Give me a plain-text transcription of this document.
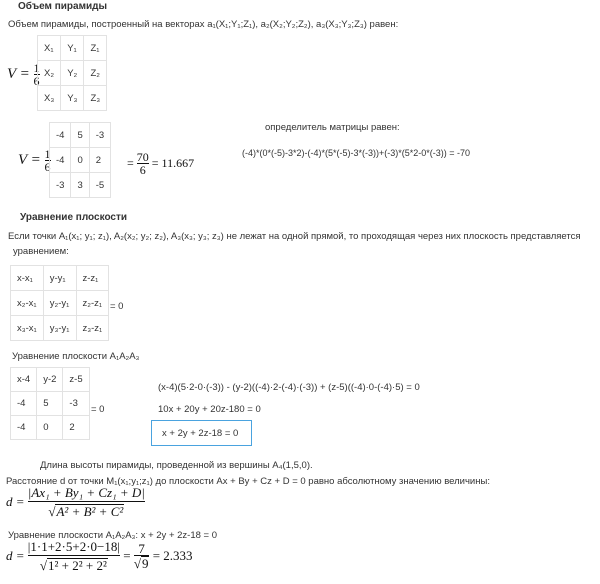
Объем пирамиды
Объем пирамиды, построенный на векторах a₁(X₁;Y₁;Z₁), a₂(X₂;Y₂;Z₂), a₃(X₃;Y₃;Z₃) равен:
$V = \frac{1}{6}$
X₁	Y₁	Z₁
X₂	Y₂	Z₂
X₃	Y₃	Z₃
$V = \frac{1}{6}$
-4	5	-3
-4	0	2
-3	3	-5
= $\frac{70}{6} = 11.667$
определитель матрицы равен:
(-4)*(0*(-5)-3*2)-(-4)*(5*(-5)-3*(-3))+(-3)*(5*2-0*(-3)) = -70
Уравнение плоскости
Если точки A₁(x₁; y₁; z₁), A₂(x₂; y₂; z₂), A₃(x₃; y₃; z₃) не лежат на одной прямой, то проходящая через них плоскость представляется
уравнением:
x-x₁	y-y₁	z-z₁
x₂-x₁	y₂-y₁	z₂-z₁
x₃-x₁	y₃-y₁	z₃-z₁
= 0
Уравнение плоскости A₁A₂A₃
x-4	y-2	z-5
-4	5	-3
-4	0	2
= 0
(x-4)(5·2-0·(-3)) - (y-2)((-4)·2-(-4)·(-3)) + (z-5)((-4)·0-(-4)·5) = 0
10x + 20y + 20z-180 = 0
x + 2y + 2z-18 = 0
Длина высоты пирамиды, проведенной из вершины A₄(1,5,0).
Расстояние d от точки M₁(x₁;y₁;z₁) до плоскости Ax + By + Cz + D = 0 равно абсолютному значению величины:
$d = \frac{\text{|Ax₁ + By₁ + Cz₁ + D|}}{\text{√A² + B² + C²}}$
Уравнение плоскости A₁A₂A₃: x + 2y + 2z-18 = 0
$d = \frac{|1\cdot 1+2\cdot 5+2\cdot 0-18|}{\text{√1² + 2² + 2²}} = \frac{7}{√9} = 2.333$
